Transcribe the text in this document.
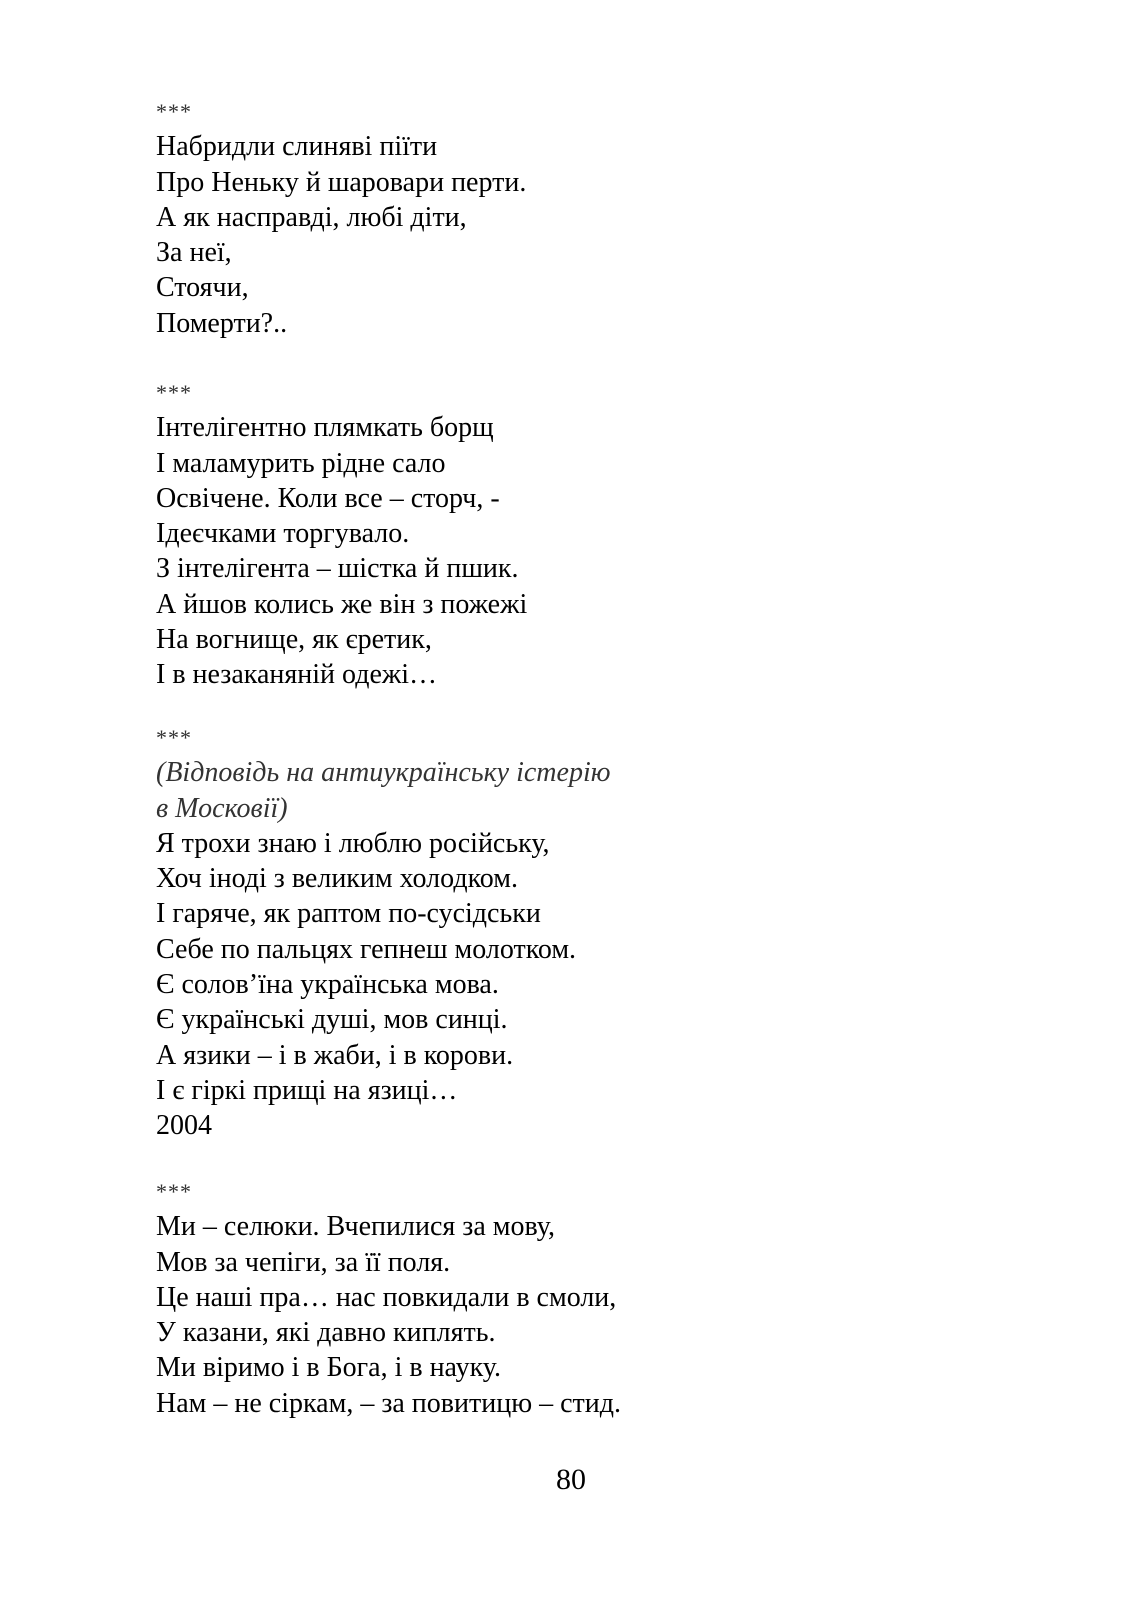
***
Набридли слиняві піїти
Про Неньку й шаровари перти.
А як насправді, любі діти,
За неї,
Стоячи,
Померти?..
***
Інтелігентно плямкать борщ
І маламурить рідне сало
Освічене. Коли все – сторч, -
Ідеєчками торгувало.
З інтелігента – шістка й пшик.
А йшов колись же він з пожежі
На вогнище, як єретик,
І в незаканяній одежі…
***
(Відповідь на антиукраїнську істерію
в Московії)
Я трохи знаю і люблю російську,
Хоч іноді з великим холодком.
І гаряче, як раптом по-сусідськи
Себе по пальцях гепнеш молотком.
Є солов’їна українська мова.
Є українські душі, мов синці.
А язики – і в жаби, і в корови.
І є гіркі прищі на язиці…
2004
***
Ми – селюки. Вчепилися за мову,
Мов за чепіги, за її поля.
Це наші пра… нас повкидали в смоли,
У казани, які давно киплять.
Ми віримо і в Бога, і в науку.
Нам – не сіркам, – за повитицю – стид.
80
